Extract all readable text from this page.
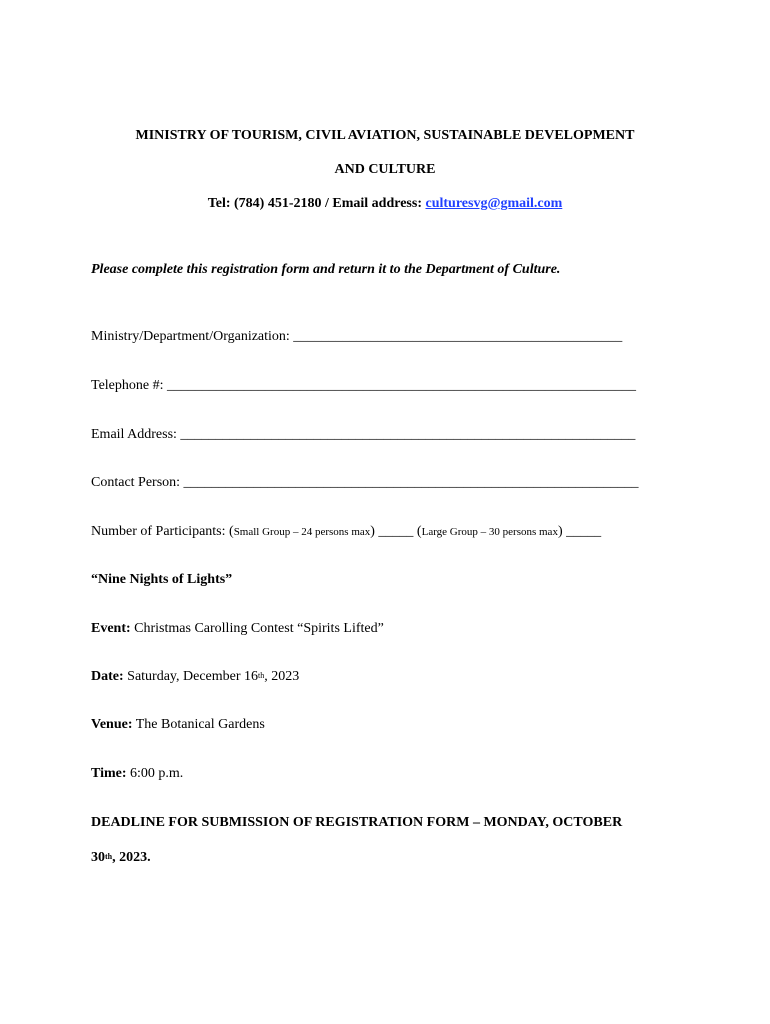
MINISTRY OF TOURISM, CIVIL AVIATION, SUSTAINABLE DEVELOPMENT
AND CULTURE
Tel: (784) 451-2180 / Email address: culturesvg@gmail.com
Please complete this registration form and return it to the Department of Culture.
Ministry/Department/Organization: _______________________________________________
Telephone #: ___________________________________________________________________
Email Address: _________________________________________________________________
Contact Person: _________________________________________________________________
Number of Participants: (Small Group – 24 persons max) _____ (Large Group – 30 persons max) _____
“Nine Nights of Lights”
Event: Christmas Carolling Contest “Spirits Lifted”
Date: Saturday, December 16th, 2023
Venue: The Botanical Gardens
Time: 6:00 p.m.
DEADLINE FOR SUBMISSION OF REGISTRATION FORM – MONDAY, OCTOBER
30th, 2023.
